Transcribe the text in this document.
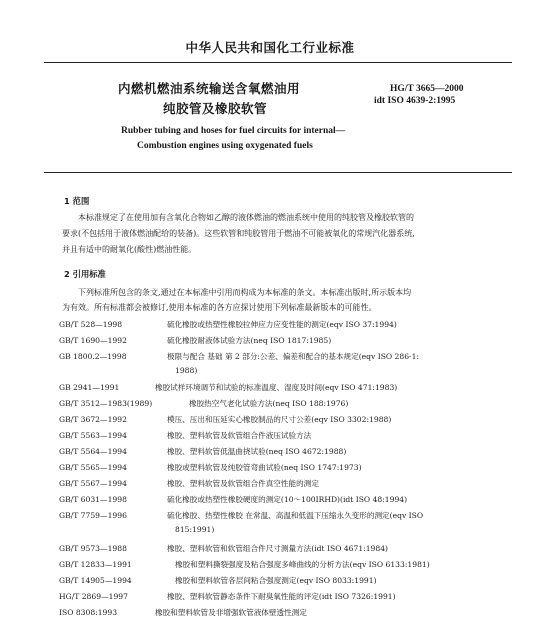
中华人民共和国化工行业标准
内燃机燃油系统输送含氧燃油用
纯胶管及橡胶软管
HG/T 3665—2000
idt ISO 4639-2:1995
Rubber tubing and hoses for fuel circuits for internal—
Combustion engines using oxygenated fuels
1 范围
本标准规定了在使用加有含氧化合物如乙醇的液体燃油的燃油系统中使用的纯胶管及橡胶软管的
要求(不包括用于液体燃油配给的装备)。这些软管和纯胶管用于燃油不可能被氧化的常规汽化器系统,
并且有适中的耐氧化(酸性)燃油性能。
2 引用标准
下列标准所包含的条文,通过在本标准中引用而构成为本标准的条文。本标准出版时,所示版本均
为有效。所有标准都会被修订,使用本标准的各方应探讨使用下列标准最新版本的可能性。
GB/T 528—1998	硫化橡胶或热塑性橡胶拉伸应力应变性能的测定(eqv ISO 37:1994)
GB/T 1690—1992	硫化橡胶耐液体试验方法(neq ISO 1817:1985)
GB 1800.2—1998	极限与配合 基础 第 2 部分:公差、偏差和配合的基本规定(eqv ISO 286-1:
1988)
GB 2941—1991	橡胶试样环境调节和试验的标准温度、湿度及时间(eqv ISO 471:1983)
GB/T 3512—1983(1989)	橡胶热空气老化试验方法(neq ISO 188:1976)
GB/T 3672—1992	模压、压出和压延实心橡胶制品的尺寸公差(eqv ISO 3302:1988)
GB/T 5563—1994	橡胶、塑料软管及软管组合件液压试验方法
GB/T 5564—1994	橡胶、塑料软管低温曲挠试验(neq ISO 4672:1988)
GB/T 5565—1994	橡胶或塑料软管及纯胶管弯曲试验(neq ISO 1747:1973)
GB/T 5567—1994	橡胶、塑料软管及软管组合件真空性能的测定
GB/T 6031—1998	硫化橡胶或热塑性橡胶硬度的测定(10～100IRHD)(idt ISO 48:1994)
GB/T 7759—1996	硫化橡胶、热塑性橡胶 在常温、高温和低温下压缩永久变形的测定(eqv ISO
815:1991)
GB/T 9573—1988	橡胶、塑料软管和软管组合件尺寸测量方法(idt ISO 4671:1984)
GB/T 12833—1991	橡胶和塑料撕裂强度及粘合强度多峰曲线的分析方法(eqv ISO 6133:1981)
GB/T 14905—1994	橡胶和塑料软管各层间粘合强度测定(eqv ISO 8033:1991)
HG/T 2869—1997	橡胶、塑料软管静态条件下耐臭氧性能的评定(idt ISO 7326:1991)
ISO 8308:1993	橡胶和塑料软管及非增强软管液体壁透性测定
